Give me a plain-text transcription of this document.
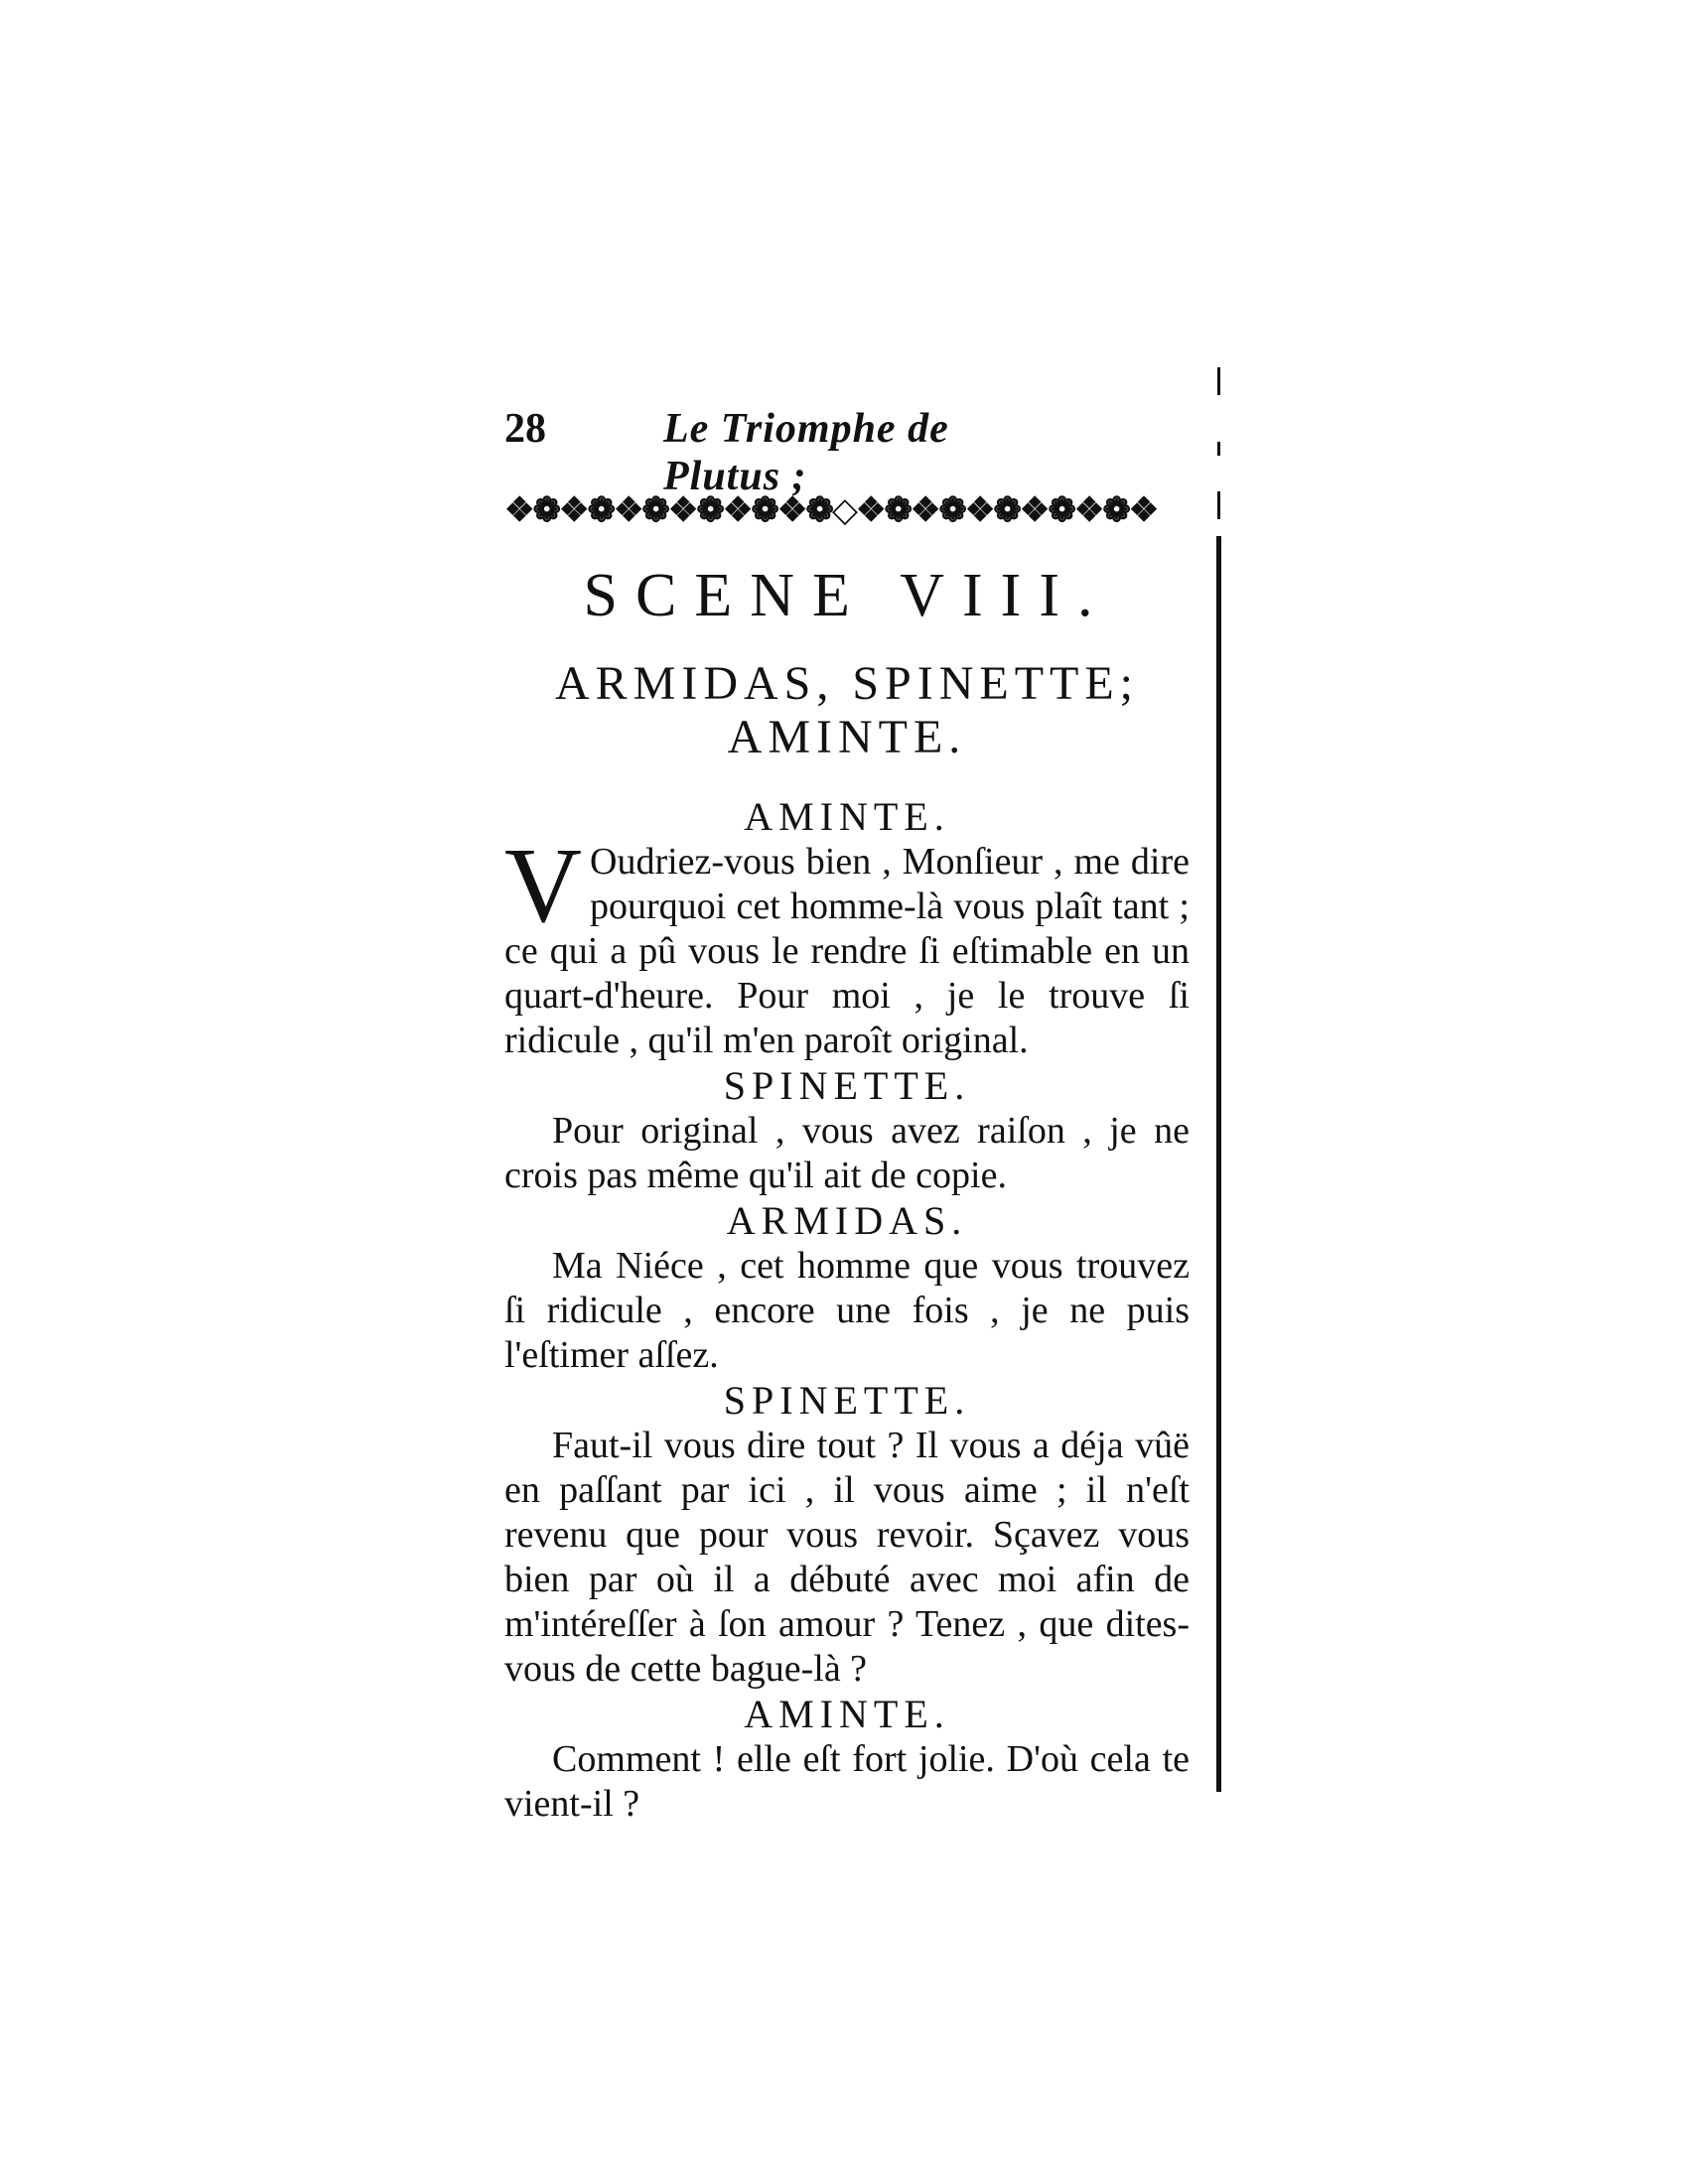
28	Le Triomphe de Plutus ;
❖❁❖❁❖❁❖❁❖❁❖❁◇❖❁❖❁❖❁❖❁❖❁❖
SCENE VIII.
ARMIDAS, SPINETTE;
AMINTE.
AMINTE.

V Oudriez-vous bien , Monſieur , me dire pourquoi cet homme-là vous plaît tant ; ce qui a pû vous le rendre ſi eſtimable en un quart-d'heure. Pour moi , je le trouve ſi ridicule , qu'il m'en paroît original.

SPINETTE.

Pour original , vous avez raiſon , je ne crois pas même qu'il ait de copie.

ARMIDAS.

Ma Niéce , cet homme que vous trouvez ſi ridicule , encore une fois , je ne puis l'eſtimer aſſez.

SPINETTE.

Faut-il vous dire tout ? Il vous a déja vûë en paſſant par ici , il vous aime ; il n'eſt revenu que pour vous revoir. Sçavez vous bien par où il a débuté avec moi afin de m'intéreſſer à ſon amour ? Tenez , que dites-vous de cette bague-là ?

AMINTE.

Comment ! elle eſt fort jolie. D'où cela te vient-il ?
